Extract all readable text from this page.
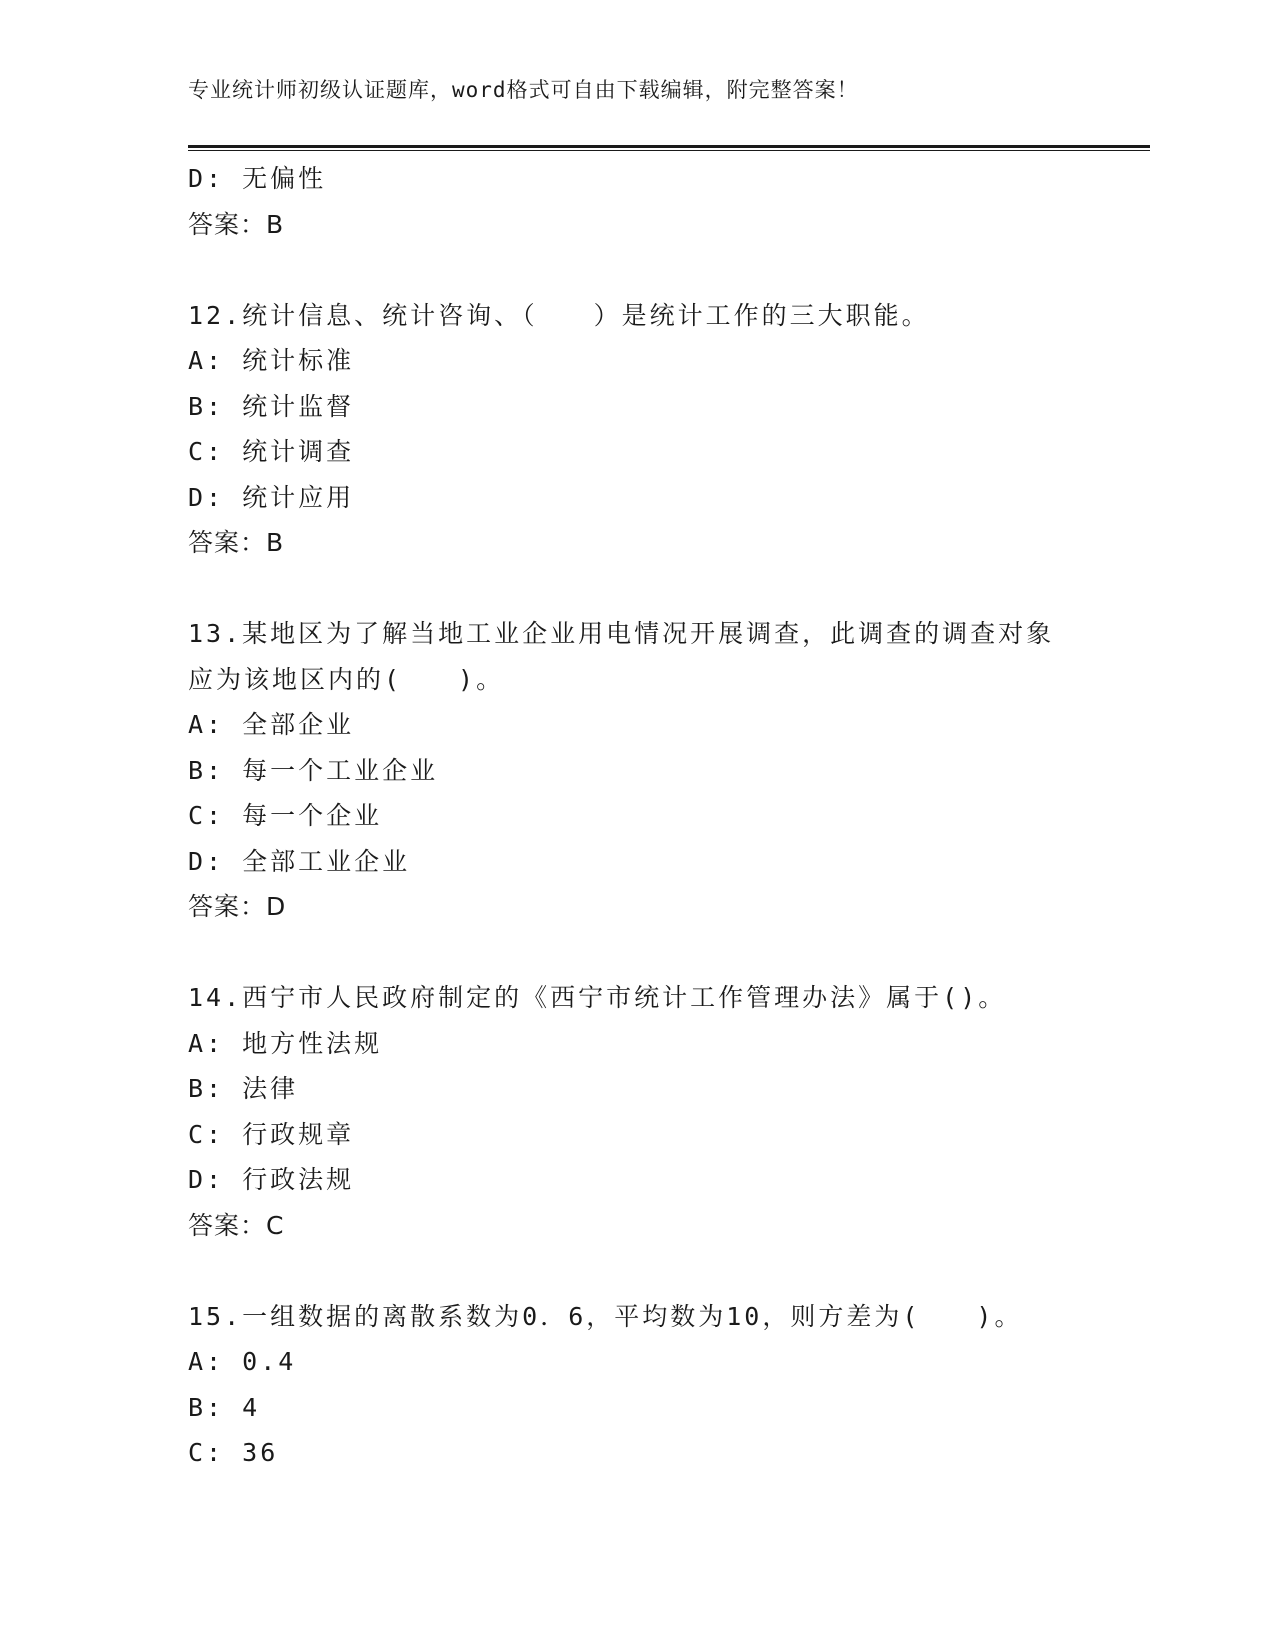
专业统计师初级认证题库，word格式可自由下载编辑，附完整答案！
D: 无偏性
答案：B
12.统计信息、统计咨询、（　　）是统计工作的三大职能。
A: 统计标准
B: 统计监督
C: 统计调查
D: 统计应用
答案：B
13.某地区为了解当地工业企业用电情况开展调查，此调查的调查对象
应为该地区内的(　　)。
A: 全部企业
B: 每一个工业企业
C: 每一个企业
D: 全部工业企业
答案：D
14.西宁市人民政府制定的《西宁市统计工作管理办法》属于()。
A: 地方性法规
B: 法律
C: 行政规章
D: 行政法规
答案：C
15.一组数据的离散系数为0．6，平均数为10，则方差为(　　)。
A: 0.4
B: 4
C: 36
